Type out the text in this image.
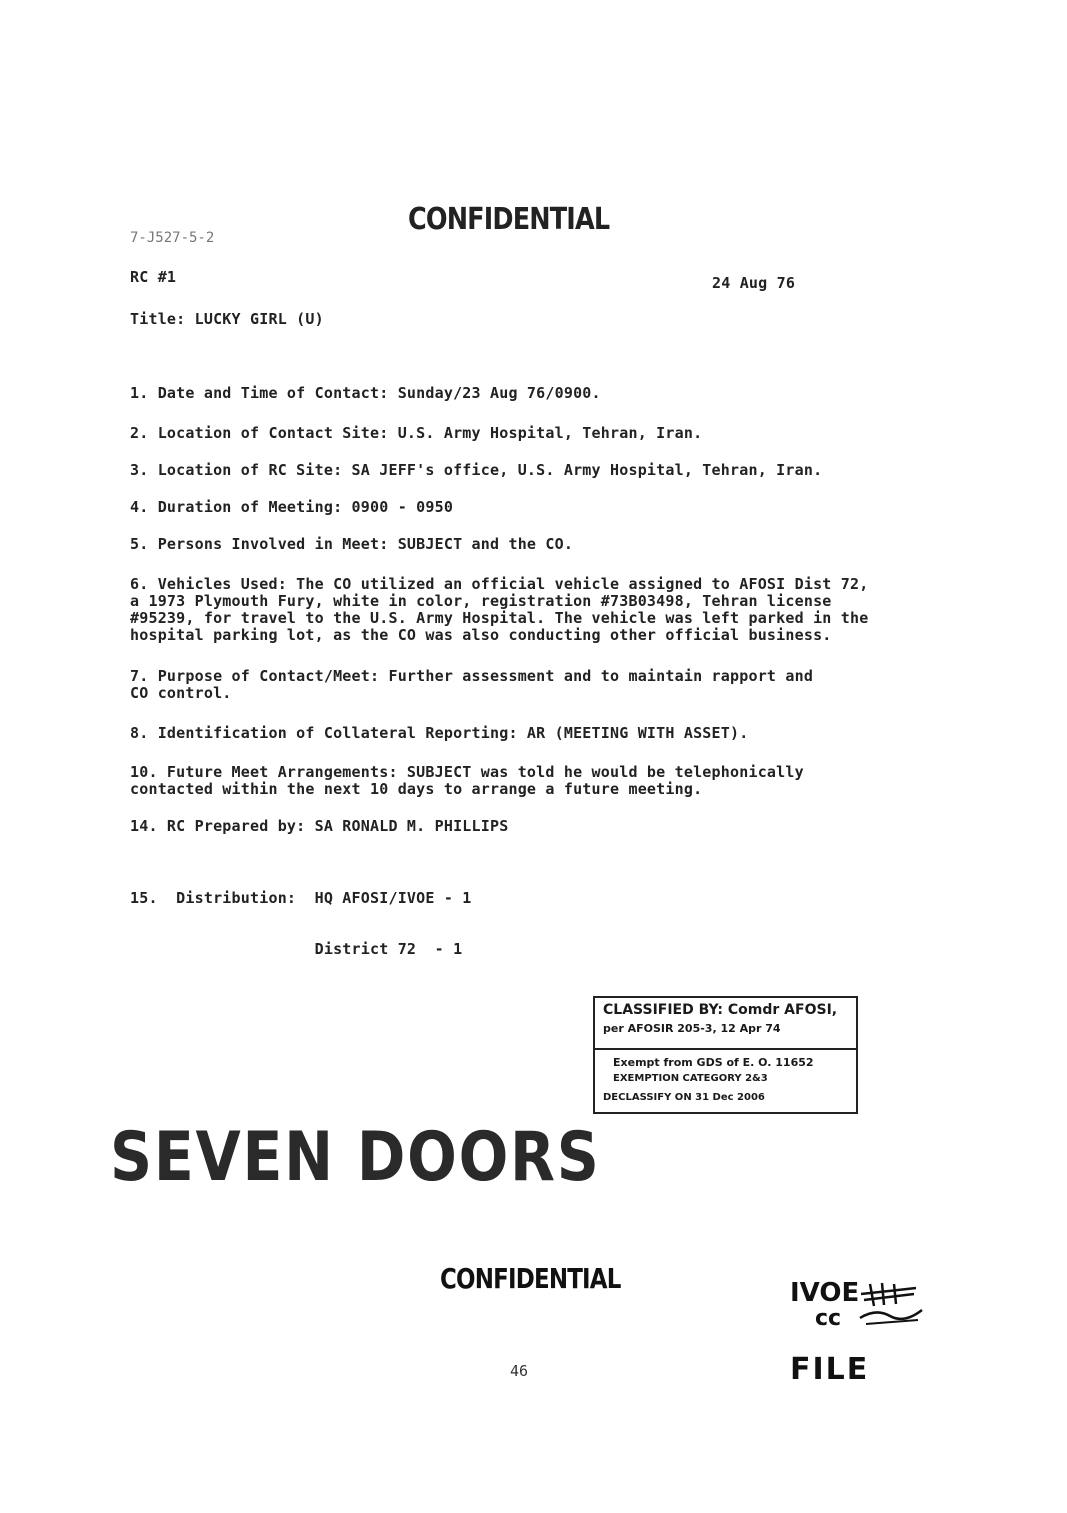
CONFIDENTIAL
7-J527-5-2
RC #1	24 Aug 76
Title: LUCKY GIRL (U)
1. Date and Time of Contact: Sunday/23 Aug 76/0900.
2. Location of Contact Site: U.S. Army Hospital, Tehran, Iran.
3. Location of RC Site: SA JEFF's office, U.S. Army Hospital, Tehran, Iran.
4. Duration of Meeting: 0900 - 0950
5. Persons Involved in Meet: SUBJECT and the CO.
6. Vehicles Used: The CO utilized an official vehicle assigned to AFOSI Dist 72,
a 1973 Plymouth Fury, white in color, registration #73B03498, Tehran license
#95239, for travel to the U.S. Army Hospital. The vehicle was left parked in the
hospital parking lot, as the CO was also conducting other official business.
7. Purpose of Contact/Meet: Further assessment and to maintain rapport and
CO control.
8. Identification of Collateral Reporting: AR (MEETING WITH ASSET).
10. Future Meet Arrangements: SUBJECT was told he would be telephonically
contacted within the next 10 days to arrange a future meeting.
14. RC Prepared by: SA RONALD M. PHILLIPS

15.  Distribution:  HQ AFOSI/IVOE - 1

District 72  - 1

CLASSIFIED BY: Comdr AFOSI,
per AFOSIR 205-3, 12 Apr 74
Exempt from GDS of E. O. 11652
EXEMPTION CATEGORY 2&3
DECLASSIFY ON 31 Dec 2006
SEVEN DOORS
CONFIDENTIAL	IVOE
cc
FILE
46
